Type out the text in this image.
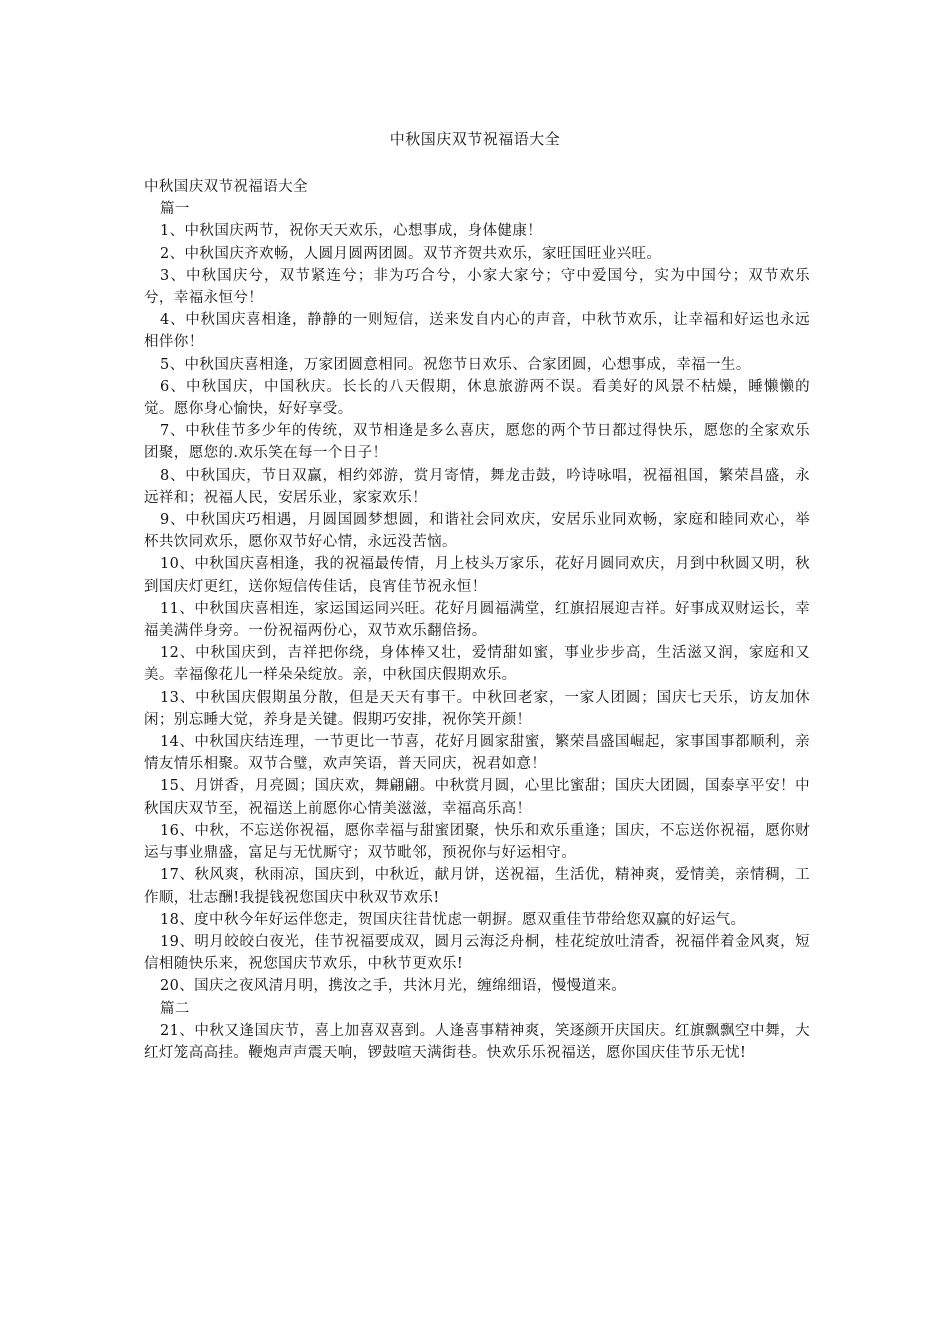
中秋国庆双节祝福语大全

中秋国庆双节祝福语大全

篇一

1、中秋国庆两节，祝你天天欢乐，心想事成，身体健康！

2、中秋国庆齐欢畅，人圆月圆两团圆。双节齐贺共欢乐，家旺国旺业兴旺。

3、中秋国庆兮，双节紧连兮；非为巧合兮，小家大家兮；守中爱国兮，实为中国兮；双节欢乐兮，幸福永恒兮！

4、中秋国庆喜相逢，静静的一则短信，送来发自内心的声音，中秋节欢乐，让幸福和好运也永远相伴你！

5、中秋国庆喜相逢，万家团圆意相同。祝您节日欢乐、合家团圆，心想事成，幸福一生。

6、中秋国庆，中国秋庆。长长的八天假期，休息旅游两不误。看美好的风景不枯燥，睡懒懒的觉。愿你身心愉快，好好享受。

7、中秋佳节多少年的传统，双节相逢是多么喜庆，愿您的两个节日都过得快乐，愿您的全家欢乐团聚，愿您的.欢乐笑在每一个日子！

8、中秋国庆，节日双赢，相约郊游，赏月寄情，舞龙击鼓，吟诗咏唱，祝福祖国，繁荣昌盛，永远祥和；祝福人民，安居乐业，家家欢乐！

9、中秋国庆巧相遇，月圆国圆梦想圆，和谐社会同欢庆，安居乐业同欢畅，家庭和睦同欢心，举杯共饮同欢乐，愿你双节好心情，永远没苦恼。

10、中秋国庆喜相逢，我的祝福最传情，月上枝头万家乐，花好月圆同欢庆，月到中秋圆又明，秋到国庆灯更红，送你短信传佳话，良宵佳节祝永恒！

11、中秋国庆喜相连，家运国运同兴旺。花好月圆福满堂，红旗招展迎吉祥。好事成双财运长，幸福美满伴身旁。一份祝福两份心，双节欢乐翻倍扬。

12、中秋国庆到，吉祥把你绕，身体棒又壮，爱情甜如蜜，事业步步高，生活滋又润，家庭和又美。幸福像花儿一样朵朵绽放。亲，中秋国庆假期欢乐。

13、中秋国庆假期虽分散，但是天天有事干。中秋回老家，一家人团圆；国庆七天乐，访友加休闲；别忘睡大觉，养身是关键。假期巧安排，祝你笑开颜！

14、中秋国庆结连理，一节更比一节喜，花好月圆家甜蜜，繁荣昌盛国崛起，家事国事都顺利，亲情友情乐相聚。双节合璧，欢声笑语，普天同庆，祝君如意！

15、月饼香，月亮圆；国庆欢，舞翩翩。中秋赏月圆，心里比蜜甜；国庆大团圆，国泰享平安！中秋国庆双节至，祝福送上前愿你心情美滋滋，幸福高乐高！

16、中秋，不忘送你祝福，愿你幸福与甜蜜团聚，快乐和欢乐重逢；国庆，不忘送你祝福，愿你财运与事业鼎盛，富足与无忧厮守；双节毗邻，预祝你与好运相守。

17、秋风爽，秋雨凉，国庆到，中秋近，献月饼，送祝福，生活优，精神爽，爱情美，亲情稠，工作顺，壮志酬!我提钱祝您国庆中秋双节欢乐!

18、度中秋今年好运伴您走，贺国庆往昔忧虑一朝摒。愿双重佳节带给您双赢的好运气。

19、明月皎皎白夜光，佳节祝福要成双，圆月云海泛舟桐，桂花绽放吐清香，祝福伴着金风爽，短信相随快乐来，祝您国庆节欢乐，中秋节更欢乐!

20、国庆之夜风清月明，携汝之手，共沐月光，缠绵细语，慢慢道来。

篇二

21、中秋又逢国庆节，喜上加喜双喜到。人逢喜事精神爽，笑逐颜开庆国庆。红旗飘飘空中舞，大红灯笼高高挂。鞭炮声声震天响，锣鼓喧天满街巷。快欢乐乐祝福送，愿你国庆佳节乐无忧!
